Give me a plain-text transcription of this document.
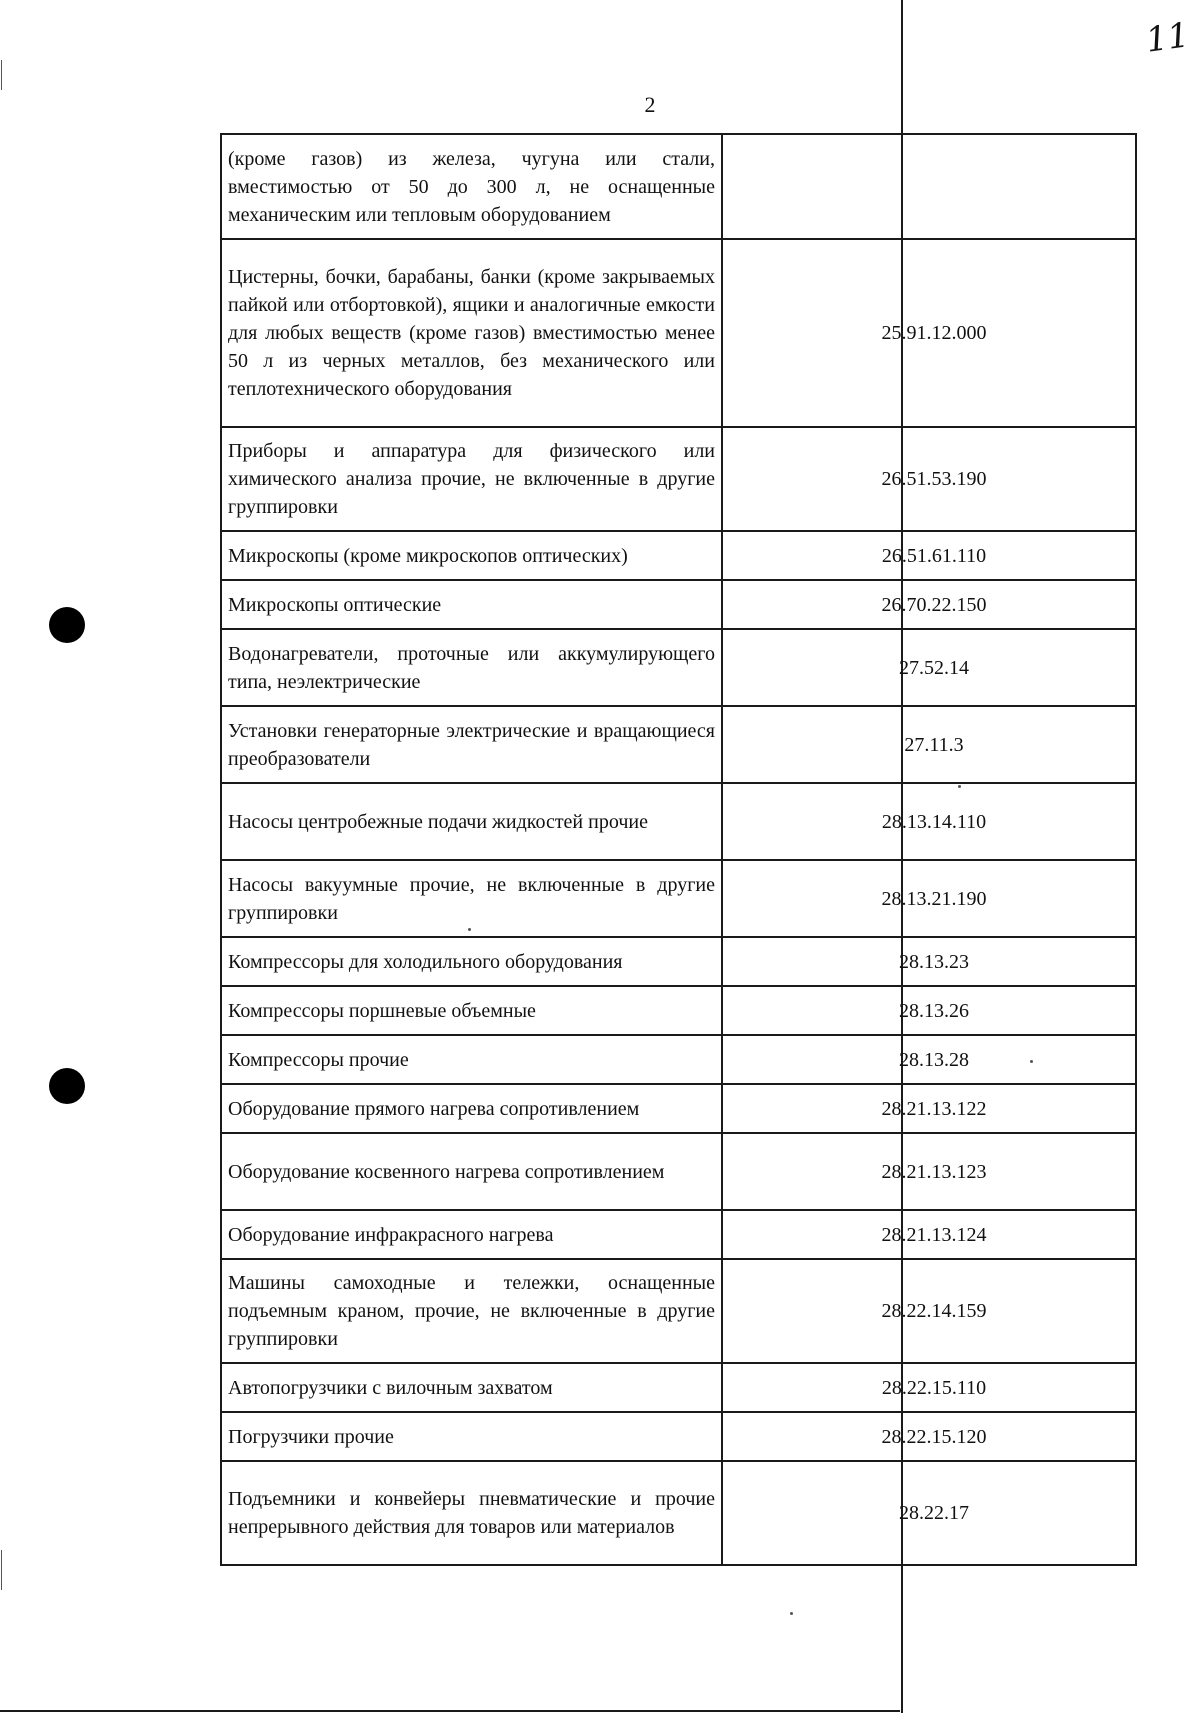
2
11
(кроме газов) из железа, чугуна или стали, вместимостью от 50 до 300 л, не оснащенные механическим или тепловым оборудованием	
Цистерны, бочки, барабаны, банки (кроме закрываемых пайкой или отбортовкой), ящики и аналогичные емкости для любых веществ (кроме газов) вместимостью менее 50 л из черных металлов, без механического или теплотехнического оборудования	25.91.12.000
Приборы и аппаратура для физического или химического анализа прочие, не включенные в другие группировки	26.51.53.190
Микроскопы (кроме микроскопов оптических)	26.51.61.110
Микроскопы оптические	26.70.22.150
Водонагреватели, проточные или аккумулирующего типа, неэлектрические	27.52.14
Установки генераторные электрические и вращающиеся преобразователи	27.11.3
Насосы центробежные подачи жидкостей прочие	28.13.14.110
Насосы вакуумные прочие, не включенные в другие группировки	28.13.21.190
Компрессоры для холодильного оборудования	28.13.23
Компрессоры поршневые объемные	28.13.26
Компрессоры прочие	28.13.28
Оборудование прямого нагрева сопротивлением	28.21.13.122
Оборудование косвенного нагрева сопротивлением	28.21.13.123
Оборудование инфракрасного нагрева	28.21.13.124
Машины самоходные и тележки, оснащенные подъемным краном, прочие, не включенные в другие группировки	28.22.14.159
Автопогрузчики с вилочным захватом	28.22.15.110
Погрузчики прочие	28.22.15.120
Подъемники и конвейеры пневматические и прочие непрерывного действия для товаров или материалов	28.22.17
